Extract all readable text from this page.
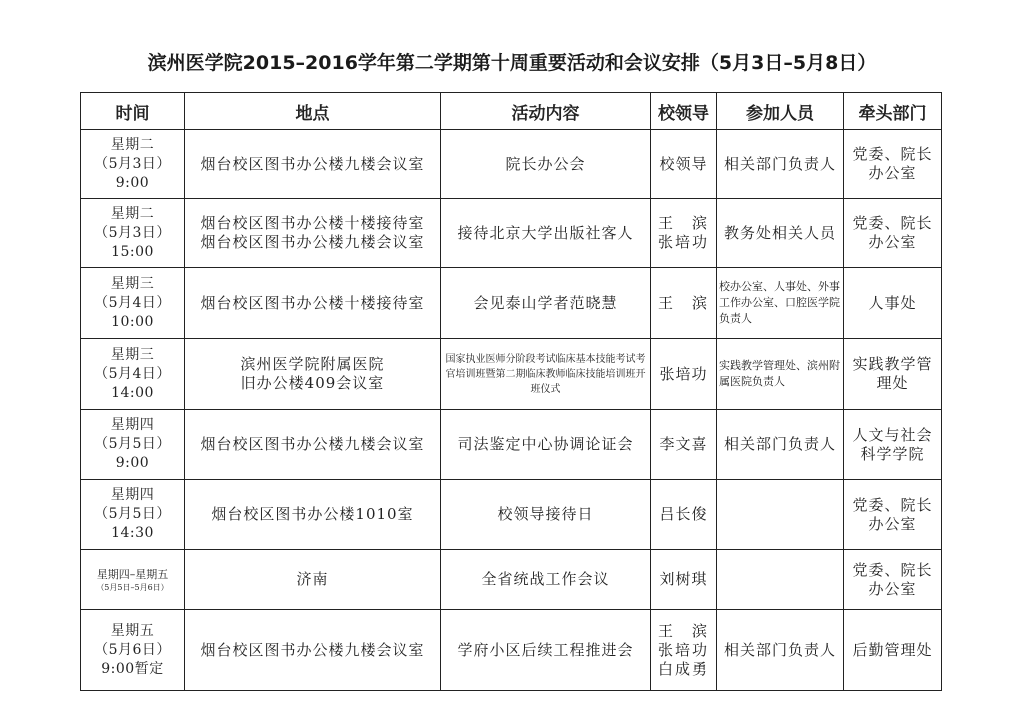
滨州医学院2015–2016学年第二学期第十周重要活动和会议安排（5月3日–5月8日）
时间	地点	活动内容	校领导	参加人员	牵头部门

星期二
（5月3日）
9:00	烟台校区图书办公楼九楼会议室	院长办公会	校领导	相关部门负责人	党委、院长
办公室

星期二
（5月3日）
15:00	烟台校区图书办公楼十楼接待室
烟台校区图书办公楼九楼会议室	接待北京大学出版社客人	王　滨
张培功	教务处相关人员	党委、院长
办公室

星期三
（5月4日）
10:00	烟台校区图书办公楼十楼接待室	会见泰山学者范晓慧	王　滨	校办公室、人事处、外事工作办公室、口腔医学院负责人	人事处

星期三
（5月4日）
14:00	滨州医学院附属医院
旧办公楼409会议室	国家执业医师分阶段考试临床基本技能考试考官培训班暨第二期临床教师临床技能培训班开班仪式	张培功	实践教学管理处、滨州附属医院负责人	实践教学管
理处

星期四
（5月5日）
9:00	烟台校区图书办公楼九楼会议室	司法鉴定中心协调论证会	李文喜	相关部门负责人	人文与社会
科学学院

星期四
（5月5日）
14:30	烟台校区图书办公楼1010室	校领导接待日	吕长俊		党委、院长
办公室

星期四–星期五
（5月5日–5月6日）	济南	全省统战工作会议	刘树琪		党委、院长
办公室

星期五
（5月6日）
9:00暂定	烟台校区图书办公楼九楼会议室	学府小区后续工程推进会	王　滨
张培功
白成勇	相关部门负责人	后勤管理处
